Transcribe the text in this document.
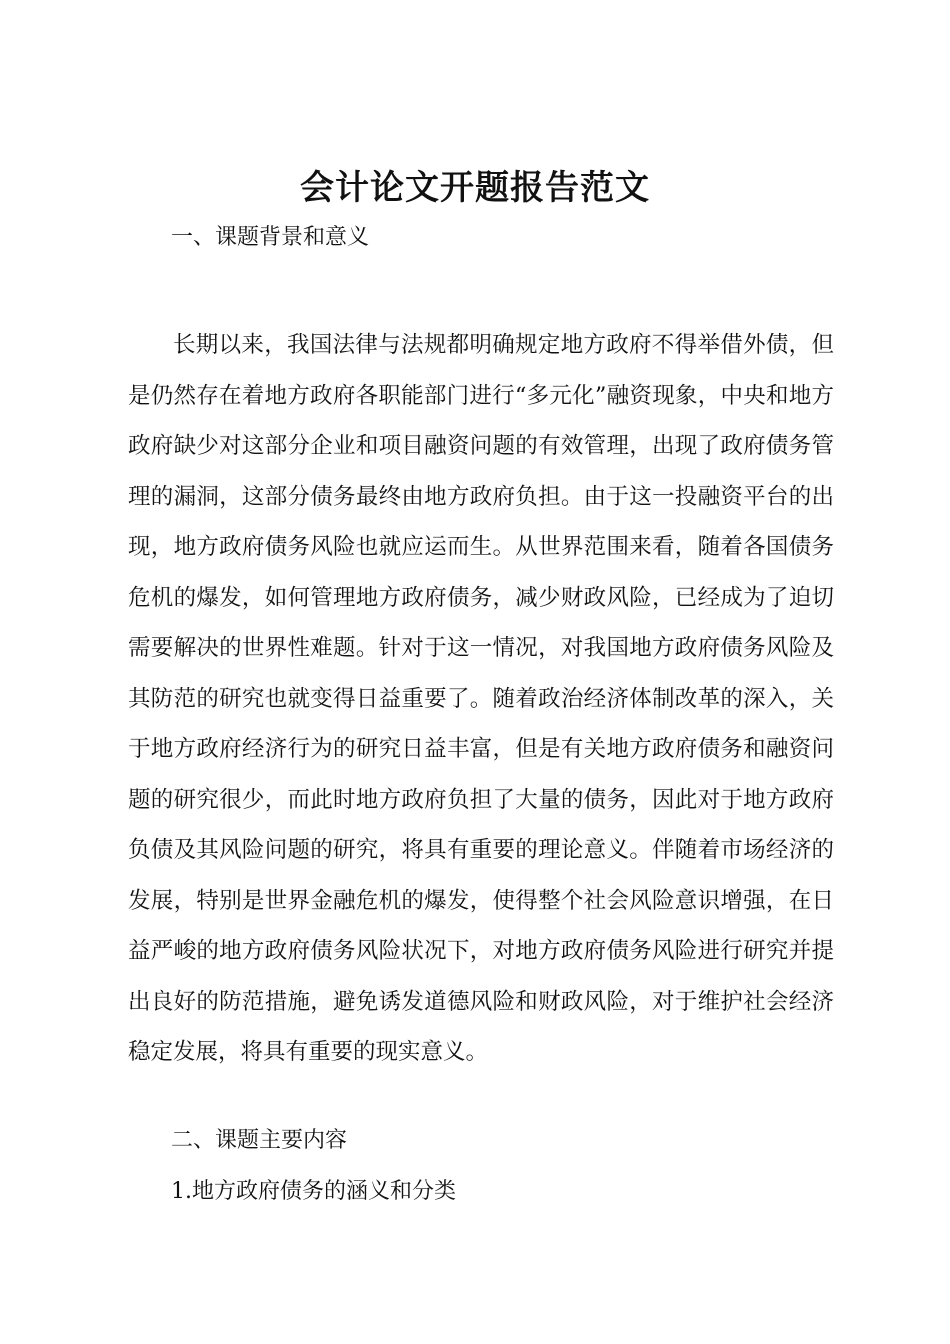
会计论文开题报告范文
一、课题背景和意义

长期以来，我国法律与法规都明确规定地方政府不得举借外债，但是仍然存在着地方政府各职能部门进行“多元化”融资现象，中央和地方政府缺少对这部分企业和项目融资问题的有效管理，出现了政府债务管理的漏洞，这部分债务最终由地方政府负担。由于这一投融资平台的出现，地方政府债务风险也就应运而生。从世界范围来看，随着各国债务危机的爆发，如何管理地方政府债务，减少财政风险，已经成为了迫切需要解决的世界性难题。针对于这一情况，对我国地方政府债务风险及其防范的研究也就变得日益重要了。随着政治经济体制改革的深入，关于地方政府经济行为的研究日益丰富，但是有关地方政府债务和融资问题的研究很少，而此时地方政府负担了大量的债务，因此对于地方政府负债及其风险问题的研究，将具有重要的理论意义。伴随着市场经济的发展，特别是世界金融危机的爆发，使得整个社会风险意识增强，在日益严峻的地方政府债务风险状况下，对地方政府债务风险进行研究并提出良好的防范措施，避免诱发道德风险和财政风险，对于维护社会经济稳定发展，将具有重要的现实意义。

二、课题主要内容
1.地方政府债务的涵义和分类
